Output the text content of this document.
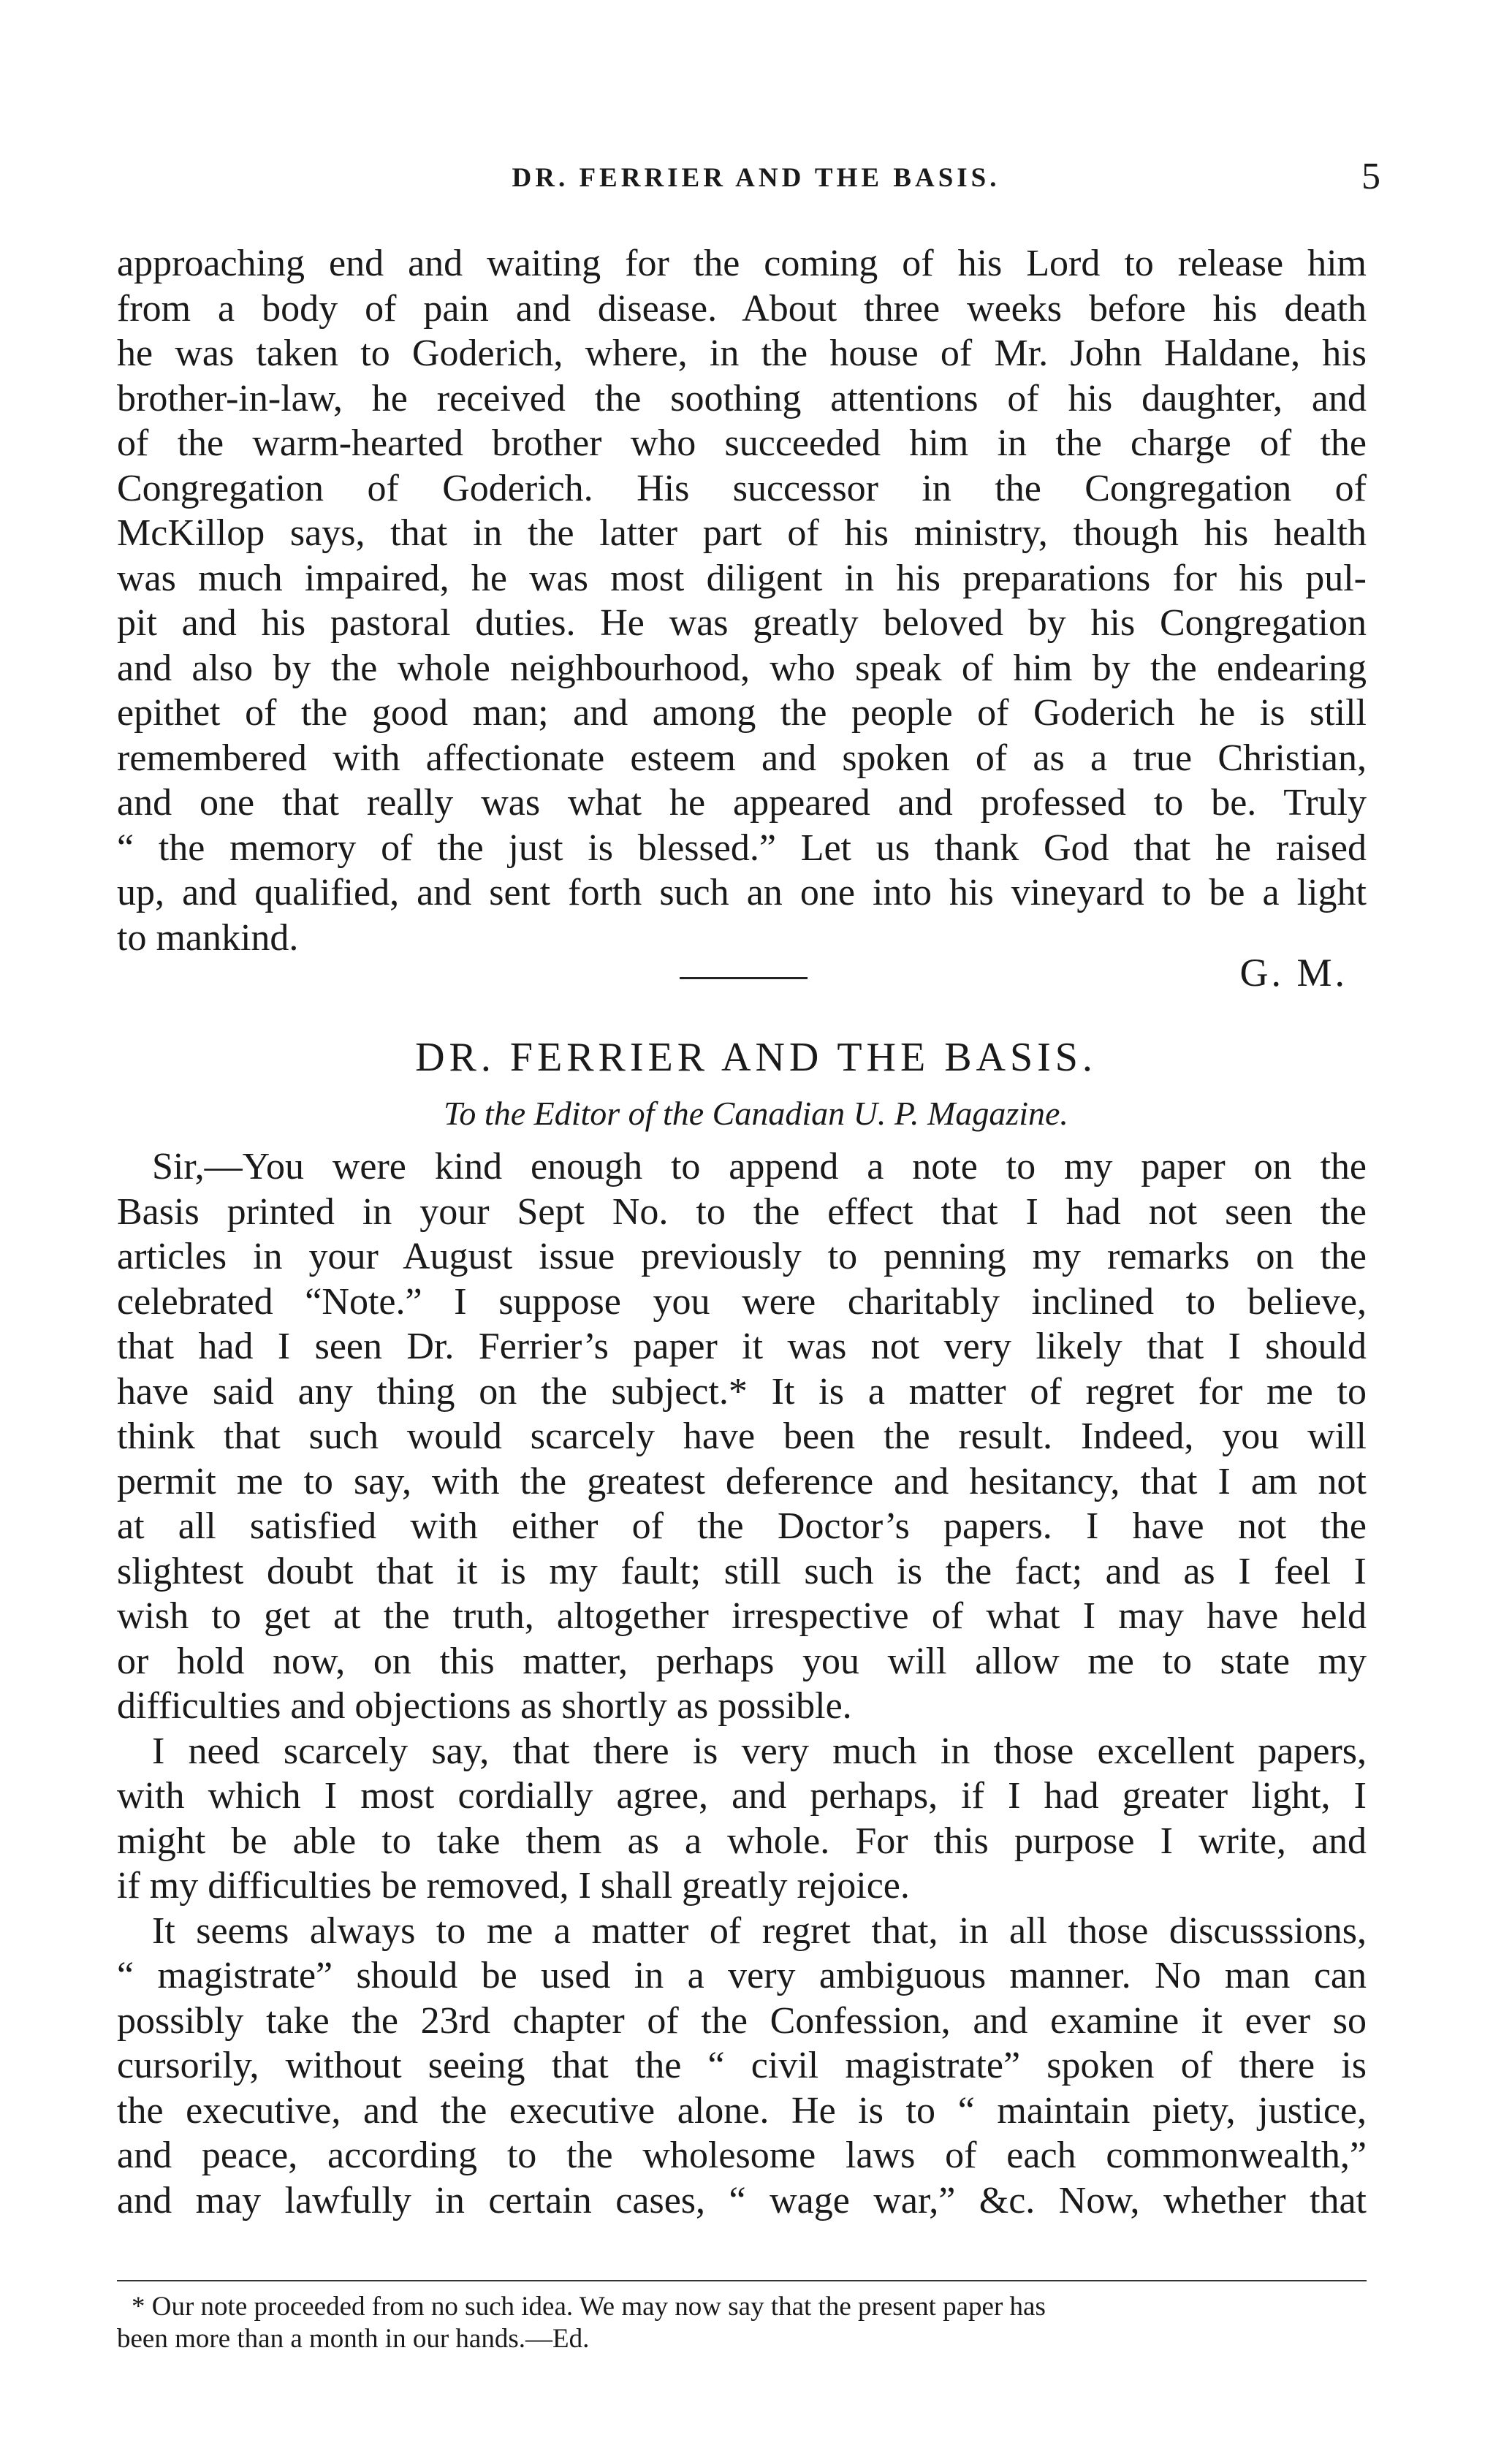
DR. FERRIER AND THE BASIS.	5
approaching end and waiting for the coming of his Lord to release him
from a body of pain and disease. About three weeks before his death
he was taken to Goderich, where, in the house of Mr. John Haldane, his
brother-in-law, he received the soothing attentions of his daughter, and
of the warm-hearted brother who succeeded him in the charge of the
Congregation of Goderich. His successor in the Congregation of
McKillop says, that in the latter part of his ministry, though his health
was much impaired, he was most diligent in his preparations for his pul-
pit and his pastoral duties. He was greatly beloved by his Congregation
and also by the whole neighbourhood, who speak of him by the endearing
epithet of the good man; and among the people of Goderich he is still
remembered with affectionate esteem and spoken of as a true Christian,
and one that really was what he appeared and professed to be. Truly
“ the memory of the just is blessed.” Let us thank God that he raised
up, and qualified, and sent forth such an one into his vineyard to be a light
to mankind.
G. M.
DR. FERRIER AND THE BASIS.
To the Editor of the Canadian U. P. Magazine.
Sir,—You were kind enough to append a note to my paper on the
Basis printed in your Sept No. to the effect that I had not seen the
articles in your August issue previously to penning my remarks on the
celebrated “Note.” I suppose you were charitably inclined to believe,
that had I seen Dr. Ferrier’s paper it was not very likely that I should
have said any thing on the subject.* It is a matter of regret for me to
think that such would scarcely have been the result. Indeed, you will
permit me to say, with the greatest deference and hesitancy, that I am not
at all satisfied with either of the Doctor’s papers. I have not the
slightest doubt that it is my fault; still such is the fact; and as I feel I
wish to get at the truth, altogether irrespective of what I may have held
or hold now, on this matter, perhaps you will allow me to state my
difficulties and objections as shortly as possible.
I need scarcely say, that there is very much in those excellent papers,
with which I most cordially agree, and perhaps, if I had greater light, I
might be able to take them as a whole. For this purpose I write, and
if my difficulties be removed, I shall greatly rejoice.
It seems always to me a matter of regret that, in all those discusssions,
“ magistrate” should be used in a very ambiguous manner. No man can
possibly take the 23rd chapter of the Confession, and examine it ever so
cursorily, without seeing that the “ civil magistrate” spoken of there is
the executive, and the executive alone. He is to “ maintain piety, justice,
and peace, according to the wholesome laws of each commonwealth,”
and may lawfully in certain cases, “ wage war,” &c. Now, whether that
* Our note proceeded from no such idea. We may now say that the present paper has
been more than a month in our hands.—Ed.
